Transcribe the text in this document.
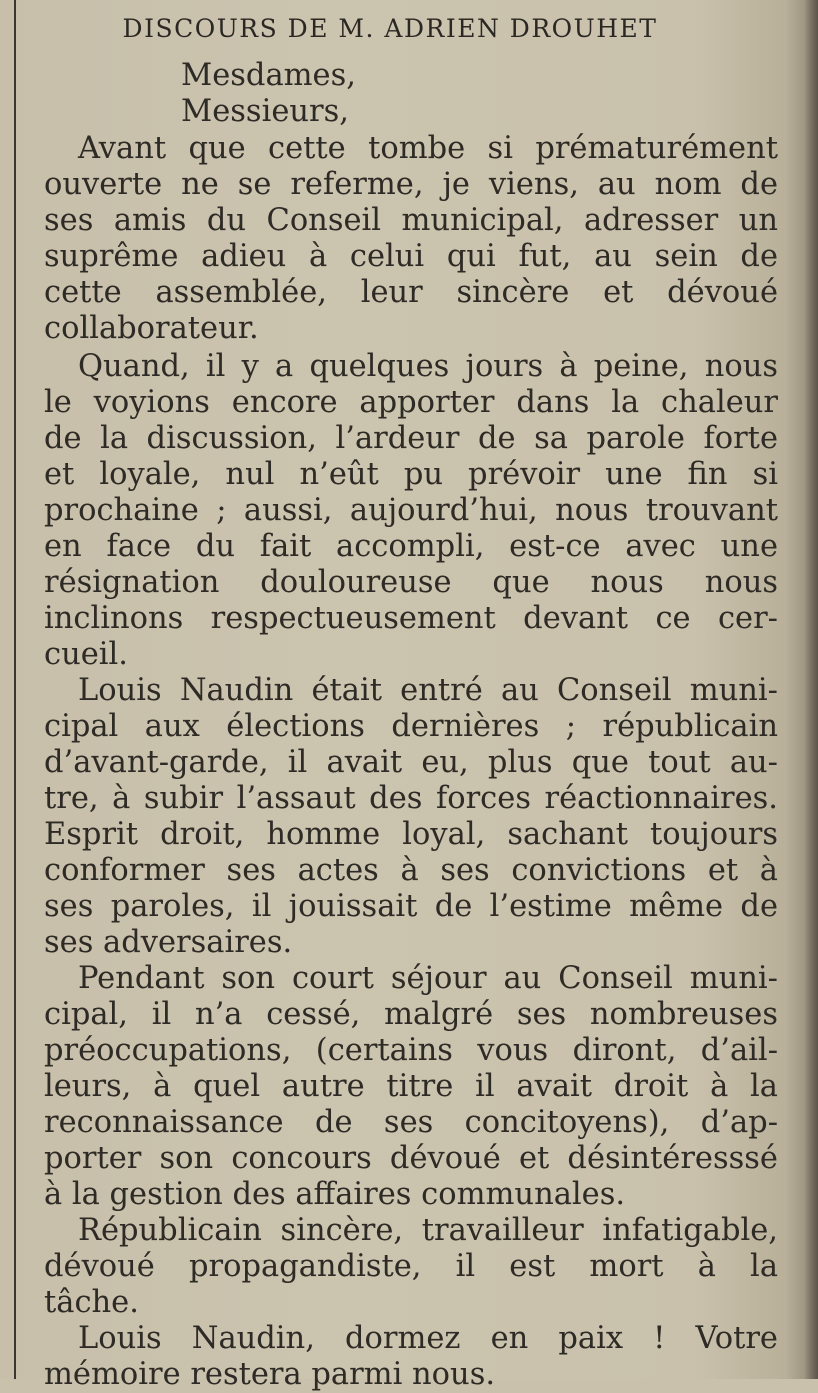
DISCOURS DE M. ADRIEN DROUHET
Mesdames,
Messieurs,
Avant que cette tombe si prématurément
ouverte ne se referme, je viens, au nom de
ses amis du Conseil municipal, adresser un
suprême adieu à celui qui fut, au sein de
cette assemblée, leur sincère et dévoué
collaborateur.
Quand, il y a quelques jours à peine, nous
le voyions encore apporter dans la chaleur
de la discussion, l’ardeur de sa parole forte
et loyale, nul n’eût pu prévoir une fin si
prochaine ; aussi, aujourd’hui, nous trouvant
en face du fait accompli, est-ce avec une
résignation douloureuse que nous nous
inclinons respectueusement devant ce cer-
cueil.
Louis Naudin était entré au Conseil muni-
cipal aux élections dernières ; républicain
d’avant-garde, il avait eu, plus que tout au-
tre, à subir l’assaut des forces réactionnaires.
Esprit droit, homme loyal, sachant toujours
conformer ses actes à ses convictions et à
ses paroles, il jouissait de l’estime même de
ses adversaires.
Pendant son court séjour au Conseil muni-
cipal, il n’a cessé, malgré ses nombreuses
préoccupations, (certains vous diront, d’ail-
leurs, à quel autre titre il avait droit à la
reconnaissance de ses concitoyens), d’ap-
porter son concours dévoué et désintéresssé
à la gestion des affaires communales.
Républicain sincère, travailleur infatigable,
dévoué propagandiste, il est mort à la
tâche.
Louis Naudin, dormez en paix ! Votre
mémoire restera parmi nous.
